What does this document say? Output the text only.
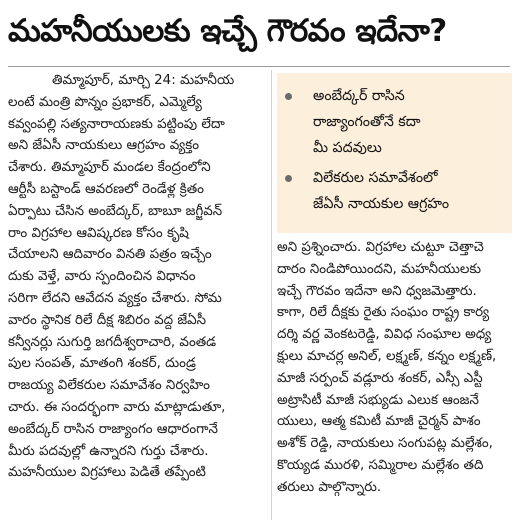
మహనీయులకు ఇచ్చే గౌరవం ఇదేనా?

తిమ్మాపూర్, మార్చి 24: మహనీయ

లంటే మంత్రి పొన్నం ప్రభాకర్, ఎమ్మెల్యే

కవ్వంపల్లి సత్యనారాయణకు పట్టింపు లేదా

అని జేఏసీ నాయకులు ఆగ్రహం వ్యక్తం

చేశారు. తిమ్మాపూర్ మండల కేంద్రంలోని

ఆర్టీసీ బస్టాండ్ ఆవరణలో రెండేళ్ల క్రితం

ఏర్పాటు చేసిన అంబేద్కర్, బాబూ జగ్జీవన్

రాం విగ్రహాల ఆవిష్కరణ కోసం కృషి

చేయాలని ఆదివారం వినతి పత్రం ఇచ్చేం

దుకు వెళ్తే, వారు స్పందించిన విధానం

సరిగా లేదని ఆవేదన వ్యక్తం చేశారు. సోమ

వారం స్థానిక రిలే దీక్ష శిబిరం వద్ద జేఏసీ

కన్వీనర్లు సుగుర్తి జగదీశ్వరాచారి, వంతడ

పుల సంపత్, మాతంగి శంకర్, దుండ్ర

రాజయ్య విలేకరుల సమావేశం నిర్వహిం

చారు. ఈ సందర్భంగా వారు మాట్లాడుతూ,

అంబేద్కర్ రాసిన రాజ్యాంగం ఆధారంగానే

మీరు పదవుల్లో ఉన్నారని గుర్తు చేశారు.

మహనీయుల విగ్రహాలు పెడితే తప్పేంటి

అంబేద్కర్ రాసిన

రాజ్యాంగంతోనే కదా

మీ పదవులు

విలేకరుల సమావేశంలో

జేఏసీ నాయకుల ఆగ్రహం

అని ప్రశ్నించారు. విగ్రహాల చుట్టూ చెత్తాచె

దారం నిండిపోయిందని, మహనీయులకు

ఇచ్చే గౌరవం ఇదేనా అని ధ్వజమెత్తారు.

కాగా, రిలే దీక్షకు రైతు సంఘం రాష్ట్ర కార్య

దర్శి వర్ణ వెంకటరెడ్డి, వివిధ సంఘాల అధ్య

క్షులు మాచర్ల అనిల్, లక్ష్మణ్, కన్నం లక్ష్మణ్,

మాజీ సర్పంచ్ వడ్లూరు శంకర్, ఎస్సీ ఎస్టీ

అట్రాసిటీ మాజీ సభ్యుడు ఎలుక ఆంజనే

యులు, ఆత్మ కమిటీ మాజీ చైర్మన్ పాశం

అశోక్ రెడ్డి, నాయకులు సంగుపట్ల మల్లేశం,

కొయ్యడ మురళి, సమ్మిరాల మల్లేశం తది

తరులు పాల్గొన్నారు.
